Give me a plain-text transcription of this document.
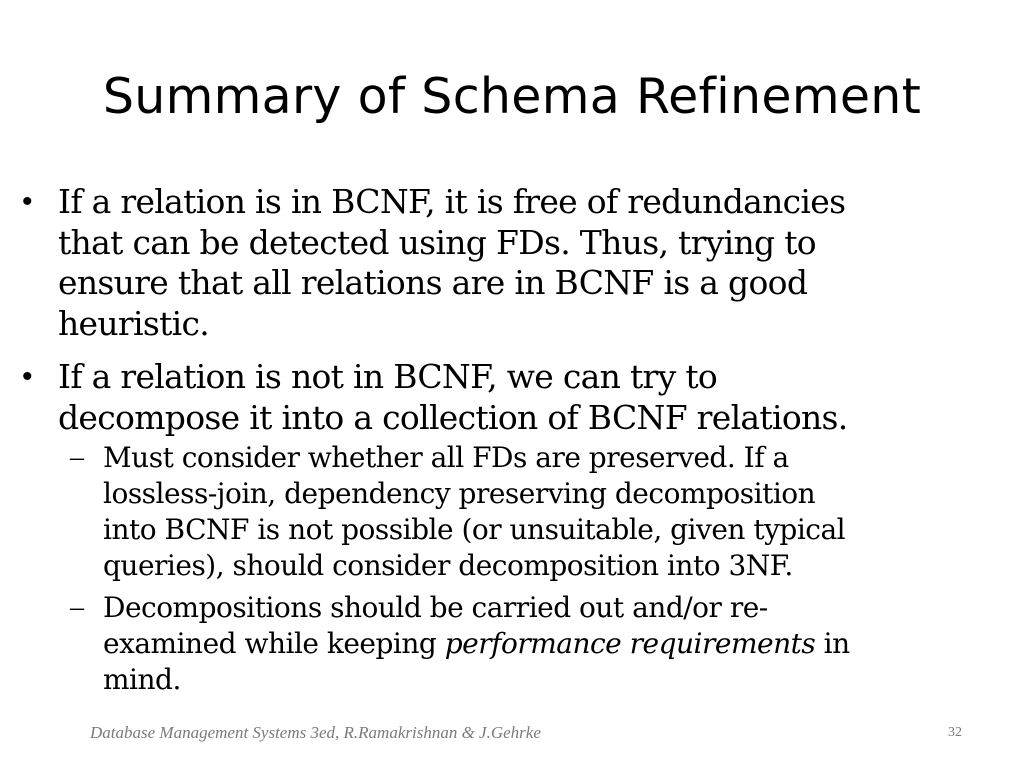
Summary of Schema Refinement
• If a relation is in BCNF, it is free of redundancies
that can be detected using FDs. Thus, trying to
ensure that all relations are in BCNF is a good
heuristic.
• If a relation is not in BCNF, we can try to
decompose it into a collection of BCNF relations.
– Must consider whether all FDs are preserved. If a
lossless-join, dependency preserving decomposition
into BCNF is not possible (or unsuitable, given typical
queries), should consider decomposition into 3NF.
– Decompositions should be carried out and/or re-
examined while keeping performance requirements in
mind.
Database Management Systems 3ed, R.Ramakrishnan & J.Gehrke	32
